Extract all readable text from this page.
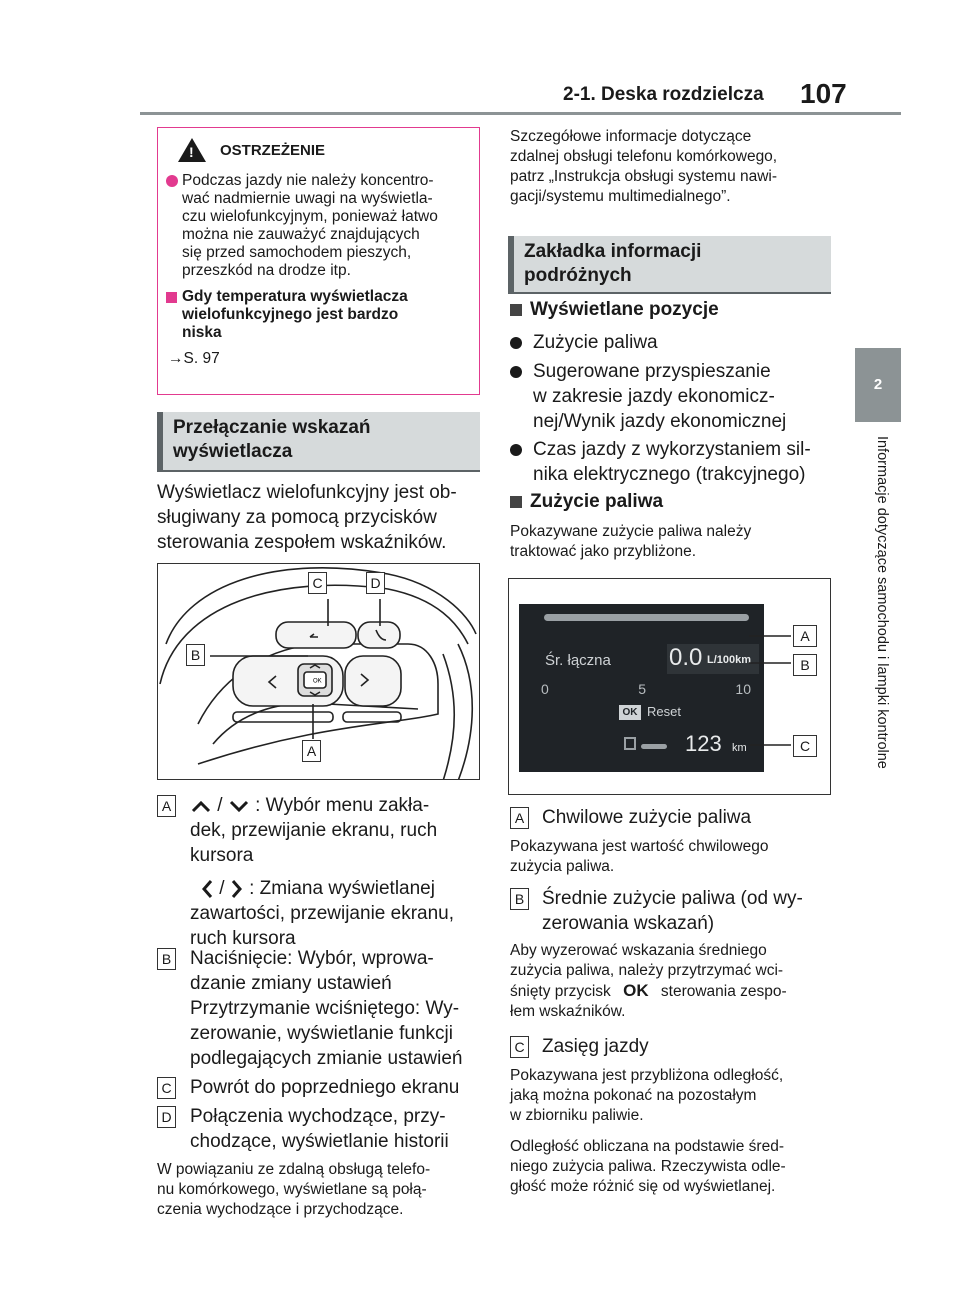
2-1. Deska rozdzielcza 107
2
Informacje dotyczące samochodu i lampki kontrolne
!
OSTRZEŻENIE
Podczas jazdy nie należy koncentro-
wać nadmiernie uwagi na wyświetla-
czu wielofunkcyjnym, ponieważ łatwo
można nie zauważyć znajdujących
się przed samochodem pieszych,
przeszkód na drodze itp.
Gdy temperatura wyświetlacza
wielofunkcyjnego jest bardzo
niska
→S. 97
Przełączanie wskazań
wyświetlacza
Wyświetlacz wielofunkcyjny jest ob-
sługiwany za pomocą przycisków
sterowania zespołem wskaźników.
OK
C	D
B
A
A	/ : Wybór menu zakła-
dek, przewijanie ekranu, ruch
kursora
/ : Zmiana wyświetlanej
zawartości, przewijanie ekranu,
ruch kursora
B Naciśnięcie: Wybór, wprowa-
dzanie zmiany ustawień
Przytrzymanie wciśniętego: Wy-
zerowanie, wyświetlanie funkcji
podlegających zmianie ustawień
C Powrót do poprzedniego ekranu
D Połączenia wychodzące, przy-
chodzące, wyświetlanie historii
W powiązaniu ze zdalną obsługą telefo-
nu komórkowego, wyświetlane są połą-
czenia wychodzące i przychodzące.
Szczegółowe informacje dotyczące
zdalnej obsługi telefonu komórkowego,
patrz „Instrukcja obsługi systemu nawi-
gacji/systemu multimedialnego”.
Zakładka informacji
podróżnych
Wyświetlane pozycje
Zużycie paliwa
Sugerowane przyspieszanie
w zakresie jazdy ekonomicz-
nej/Wynik jazdy ekonomicznej
Czas jazdy z wykorzystaniem sil-
nika elektrycznego (trakcyjnego)
Zużycie paliwa
Pokazywane zużycie paliwa należy
traktować jako przybliżone.
Śr. łączna 0.0 L/100km
0	5	10
OK Reset
123 km
A
B
C
A Chwilowe zużycie paliwa
Pokazywana jest wartość chwilowego
zużycia paliwa.
B Średnie zużycie paliwa (od wy-
zerowania wskazań)
Aby wyzerować wskazania średniego
zużycia paliwa, należy przytrzymać wci-
śnięty przycisk OK sterowania zespo-
łem wskaźników.
C Zasięg jazdy
Pokazywana jest przybliżona odległość,
jaką można pokonać na pozostałym
w zbiorniku paliwie.
Odległość obliczana na podstawie śred-
niego zużycia paliwa. Rzeczywista odle-
głość może różnić się od wyświetlanej.
